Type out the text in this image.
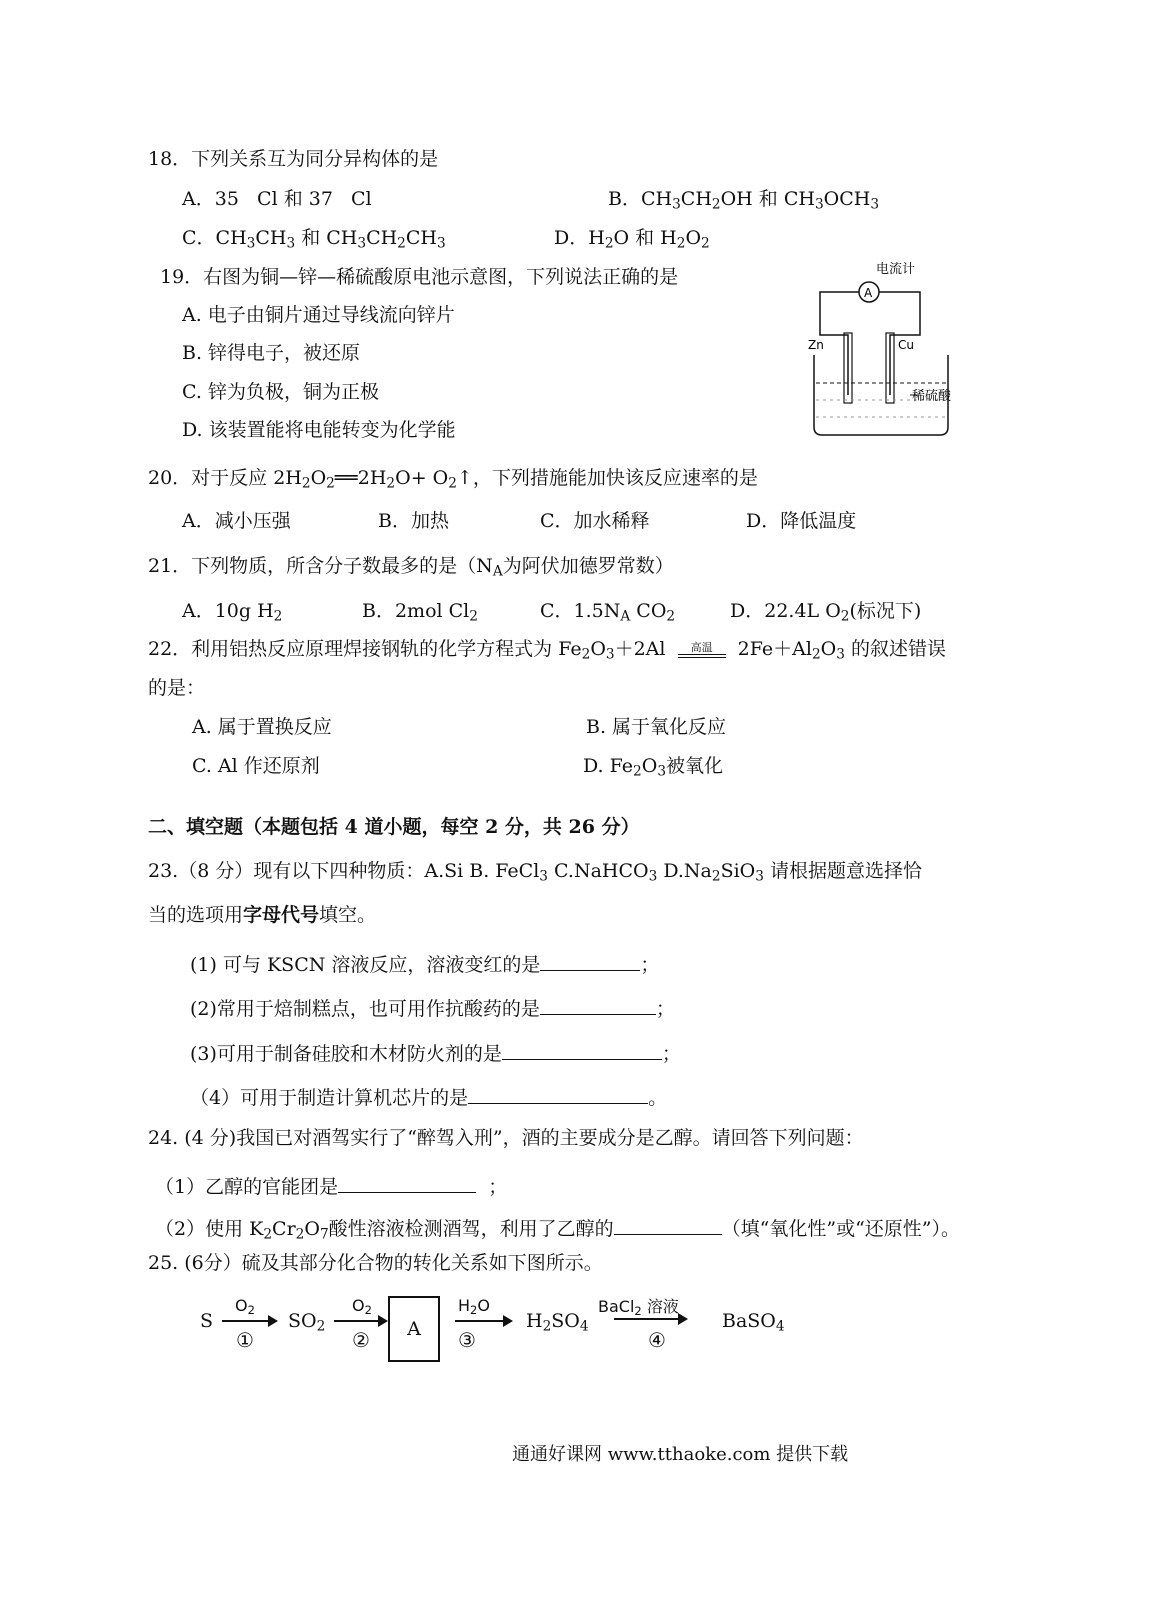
18．下列关系互为同分异构体的是
A．35 Cl 和 37 Cl	B．$CH_3CH_2OH$ 和 $CH_3OCH_3$
C．$CH_3CH_3$ 和 $CH_3CH_2CH_3$	D．$H_2O$ 和 $H_2O_2$
19．右图为铜—锌—稀硫酸原电池示意图，下列说法正确的是
A. 电子由铜片通过导线流向锌片
B. 锌得电子，被还原
C. 锌为负极，铜为正极
D. 该装置能将电能转变为化学能
电流计
A
Zn	Cu
稀硫酸
20．对于反应 $2H_2O_2══2H_2O+$ $O_2↑$，下列措施能加快该反应速率的是
A．减小压强	B．加热	C．加水稀释	D．降低温度
21．下列物质，所含分子数最多的是（$N_A$为阿伏加德罗常数）
A．10g $H_2$	B．2mol $Cl_2$	C．$1.5N_A$ $CO_2$	D．22.4L $O_2$(标况下)
22．利用铝热反应原理焊接钢轨的化学方程式为 $Fe_2O_3+2Al$	高温	$2Fe+Al_2O_3$ 的叙述错误
的是：
A. 属于置换反应	B. 属于氧化反应
C. Al 作还原剂	D. $Fe_2O_3$被氧化
二、填空题（本题包括 4 道小题，每空 2 分，共 26 分）
23.（8 分）现有以下四种物质：A.Si B. FeCl$_3$ C.NaHCO$_3$ $D.Na_2SiO_3$ 请根据题意选择恰
当的选项用字母代号填空。
(1) 可与 KSCN 溶液反应，溶液变红的是	；
(2)常用于焙制糕点，也可用作抗酸药的是	；
(3)可用于制备硅胶和木材防火剂的是	；
（4）可用于制造计算机芯片的是	。
24. (4 分)我国已对酒驾实行了“醉驾入刑”，酒的主要成分是乙醇。请回答下列问题：
（1）乙醇的官能团是	；
（2）使用 $K_2Cr_2O_7$酸性溶液检测酒驾，利用了乙醇的	（填“氧化性”或“还原性”）。
25. (6分）硫及其部分化合物的转化关系如下图所示。
S
$O_2$
①
$SO_2$
$O_2$
② A
$H_2O$
③
$H_2SO_4$
BaCl$_2$ 溶液
④
BaSO$_4$
通通好课网 www.tthaoke.com 提供下载
